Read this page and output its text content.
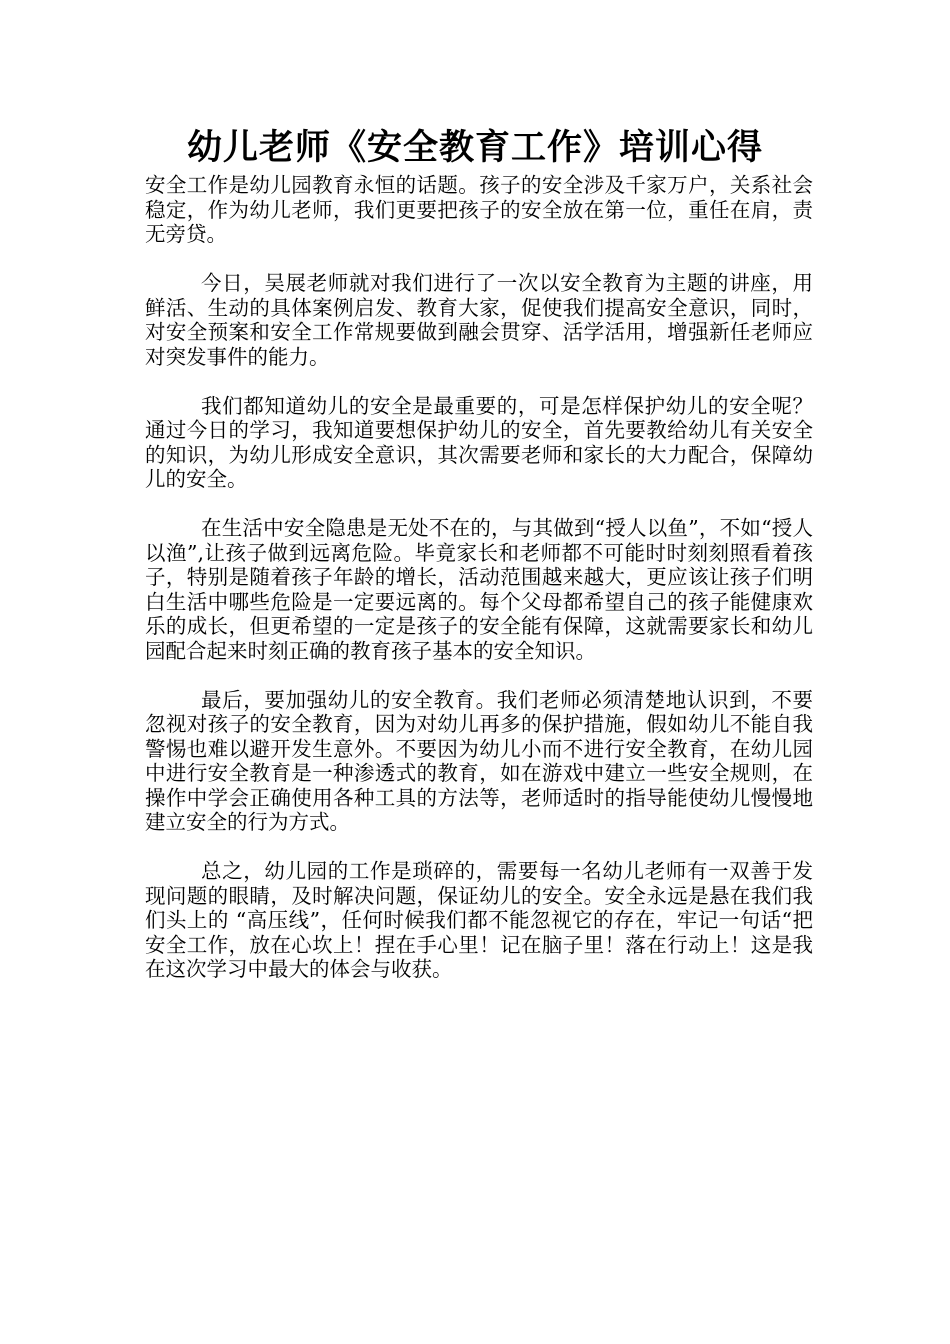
幼儿老师《安全教育工作》培训心得

安全工作是幼儿园教育永恒的话题。孩子的安全涉及千家万户，关系社会稳定，作为幼儿老师，我们更要把孩子的安全放在第一位，重任在肩，责无旁贷。

今日，吴展老师就对我们进行了一次以安全教育为主题的讲座，用鲜活、生动的具体案例启发、教育大家，促使我们提高安全意识，同时，对安全预案和安全工作常规要做到融会贯穿、活学活用，增强新任老师应对突发事件的能力。

我们都知道幼儿的安全是最重要的，可是怎样保护幼儿的安全呢？通过今日的学习，我知道要想保护幼儿的安全，首先要教给幼儿有关安全的知识，为幼儿形成安全意识，其次需要老师和家长的大力配合，保障幼儿的安全。

在生活中安全隐患是无处不在的，与其做到“授人以鱼”，不如“授人以渔”,让孩子做到远离危险。毕竟家长和老师都不可能时时刻刻照看着孩子，特别是随着孩子年龄的增长，活动范围越来越大，更应该让孩子们明白生活中哪些危险是一定要远离的。每个父母都希望自己的孩子能健康欢乐的成长，但更希望的一定是孩子的安全能有保障，这就需要家长和幼儿园配合起来时刻正确的教育孩子基本的安全知识。

最后，要加强幼儿的安全教育。我们老师必须清楚地认识到，不要忽视对孩子的安全教育，因为对幼儿再多的保护措施，假如幼儿不能自我警惕也难以避开发生意外。不要因为幼儿小而不进行安全教育，在幼儿园中进行安全教育是一种渗透式的教育，如在游戏中建立一些安全规则，在操作中学会正确使用各种工具的方法等，老师适时的指导能使幼儿慢慢地建立安全的行为方式。

总之，幼儿园的工作是琐碎的，需要每一名幼儿老师有一双善于发现问题的眼睛，及时解决问题，保证幼儿的安全。安全永远是悬在我们我们头上的 “高压线”，任何时候我们都不能忽视它的存在，牢记一句话“把安全工作，放在心坎上！捏在手心里！记在脑子里！落在行动上！这是我在这次学习中最大的体会与收获。
